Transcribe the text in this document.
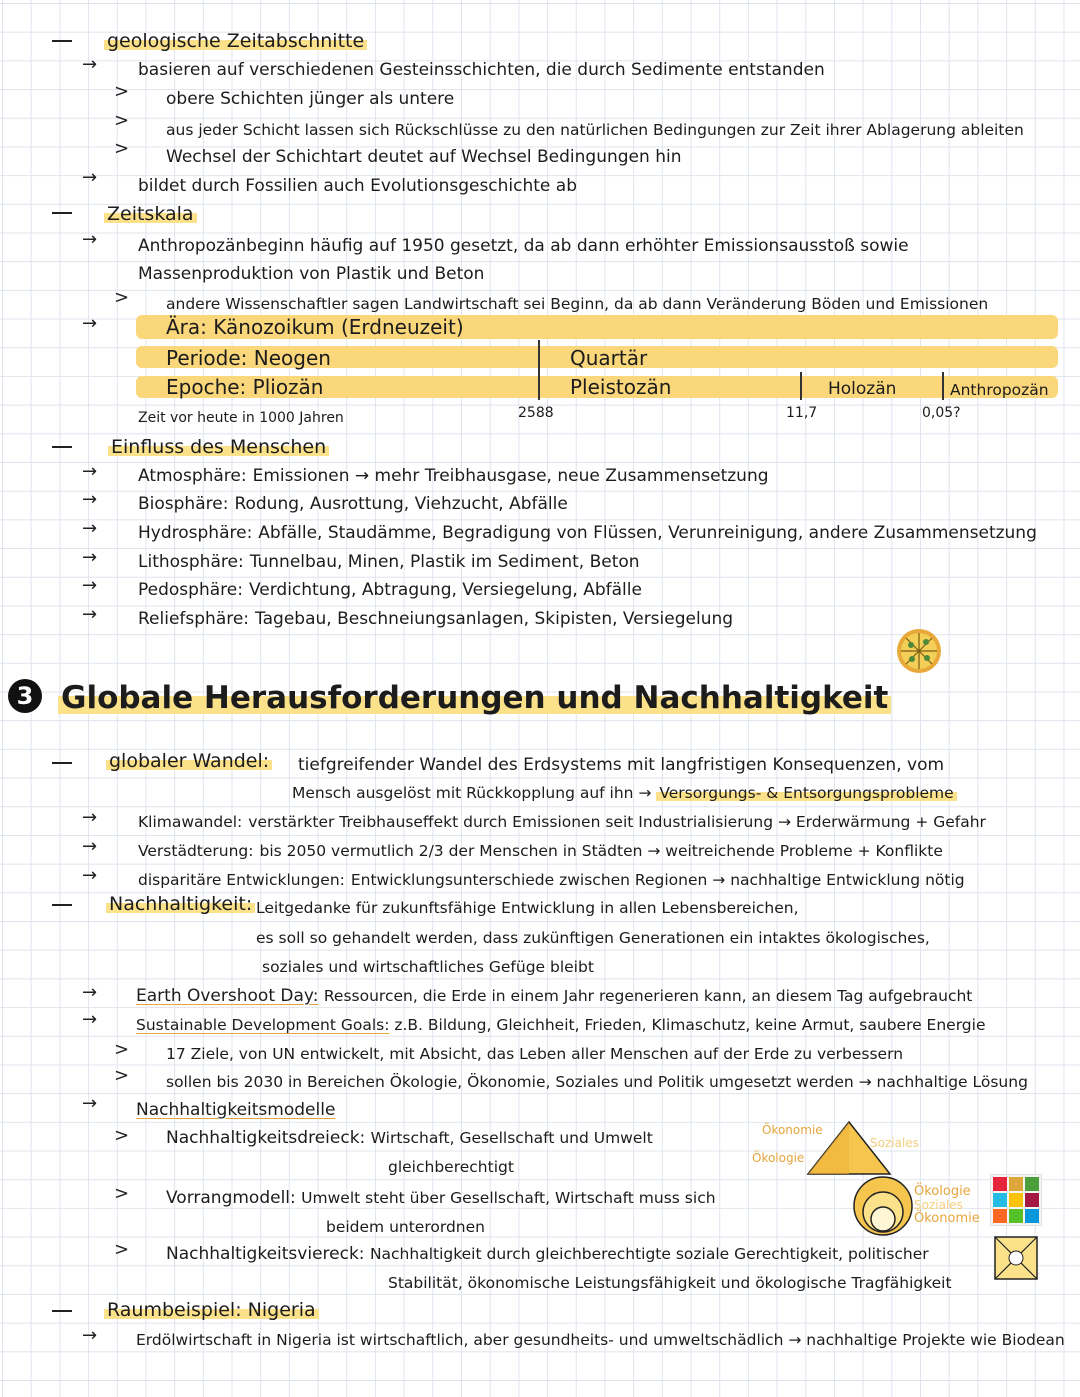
geologische Zeitabschnitte
→ basieren auf verschiedenen Gesteinsschichten, die durch Sedimente entstanden
> obere Schichten jünger als untere
> aus jeder Schicht lassen sich Rückschlüsse zu den natürlichen Bedingungen zur Zeit ihrer Ablagerung ableiten
> Wechsel der Schichtart deutet auf Wechsel Bedingungen hin
→ bildet durch Fossilien auch Evolutionsgeschichte ab
Zeitskala
→ Anthropozänbeginn häufig auf 1950 gesetzt, da ab dann erhöhter Emissionsausstoß sowie
Massenproduktion von Plastik und Beton
> andere Wissenschaftler sagen Landwirtschaft sei Beginn, da ab dann Veränderung Böden und Emissionen
→	Ära: Känozoikum (Erdneuzeit)
Periode: Neogen	Quartär
Epoche: Pliozän	Pleistozän	Holozän	Anthropozän
Zeit vor heute in 1000 Jahren	2588	11,7	0,05?
Einfluss des Menschen
→ Atmosphäre: Emissionen → mehr Treibhausgase, neue Zusammensetzung
→ Biosphäre: Rodung, Ausrottung, Viehzucht, Abfälle
→ Hydrosphäre: Abfälle, Staudämme, Begradigung von Flüssen, Verunreinigung, andere Zusammensetzung
→ Lithosphäre: Tunnelbau, Minen, Plastik im Sediment, Beton
→ Pedosphäre: Verdichtung, Abtragung, Versiegelung, Abfälle
→ Reliefsphäre: Tagebau, Beschneiungsanlagen, Skipisten, Versiegelung
3 Globale Herausforderungen und Nachhaltigkeit
globaler Wandel: tiefgreifender Wandel des Erdsystems mit langfristigen Konsequenzen, vom
Mensch ausgelöst mit Rückkopplung auf ihn → Versorgungs- & Entsorgungsprobleme
→	Klimawandel: verstärkter Treibhauseffekt durch Emissionen seit Industrialisierung → Erderwärmung + Gefahr
→	Verstädterung: bis 2050 vermutlich 2/3 der Menschen in Städten → weitreichende Probleme + Konflikte
→	disparitäre Entwicklungen: Entwicklungsunterschiede zwischen Regionen → nachhaltige Entwicklung nötig
Nachhaltigkeit: Leitgedanke für zukunftsfähige Entwicklung in allen Lebensbereichen,
es soll so gehandelt werden, dass zukünftigen Generationen ein intaktes ökologisches,
soziales und wirtschaftliches Gefüge bleibt
→ Earth Overshoot Day: Ressourcen, die Erde in einem Jahr regenerieren kann, an diesem Tag aufgebraucht
→	Sustainable Development Goals: z.B. Bildung, Gleichheit, Frieden, Klimaschutz, keine Armut, saubere Energie
> 17 Ziele, von UN entwickelt, mit Absicht, das Leben aller Menschen auf der Erde zu verbessern
> sollen bis 2030 in Bereichen Ökologie, Ökonomie, Soziales und Politik umgesetzt werden → nachhaltige Lösung
→ Nachhaltigkeitsmodelle
> Nachhaltigkeitsdreieck: Wirtschaft, Gesellschaft und Umwelt
gleichberechtigt
> Vorrangmodell: Umwelt steht über Gesellschaft, Wirtschaft muss sich
beidem unterordnen
> Nachhaltigkeitsviereck: Nachhaltigkeit durch gleichberechtigte soziale Gerechtigkeit, politischer
Stabilität, ökonomische Leistungsfähigkeit und ökologische Tragfähigkeit
Ökonomie
Ökologie
Soziales
Ökologie
Soziales
Ökonomie
Raumbeispiel: Nigeria
→	Erdölwirtschaft in Nigeria ist wirtschaftlich, aber gesundheits- und umweltschädlich → nachhaltige Projekte wie Biodean
